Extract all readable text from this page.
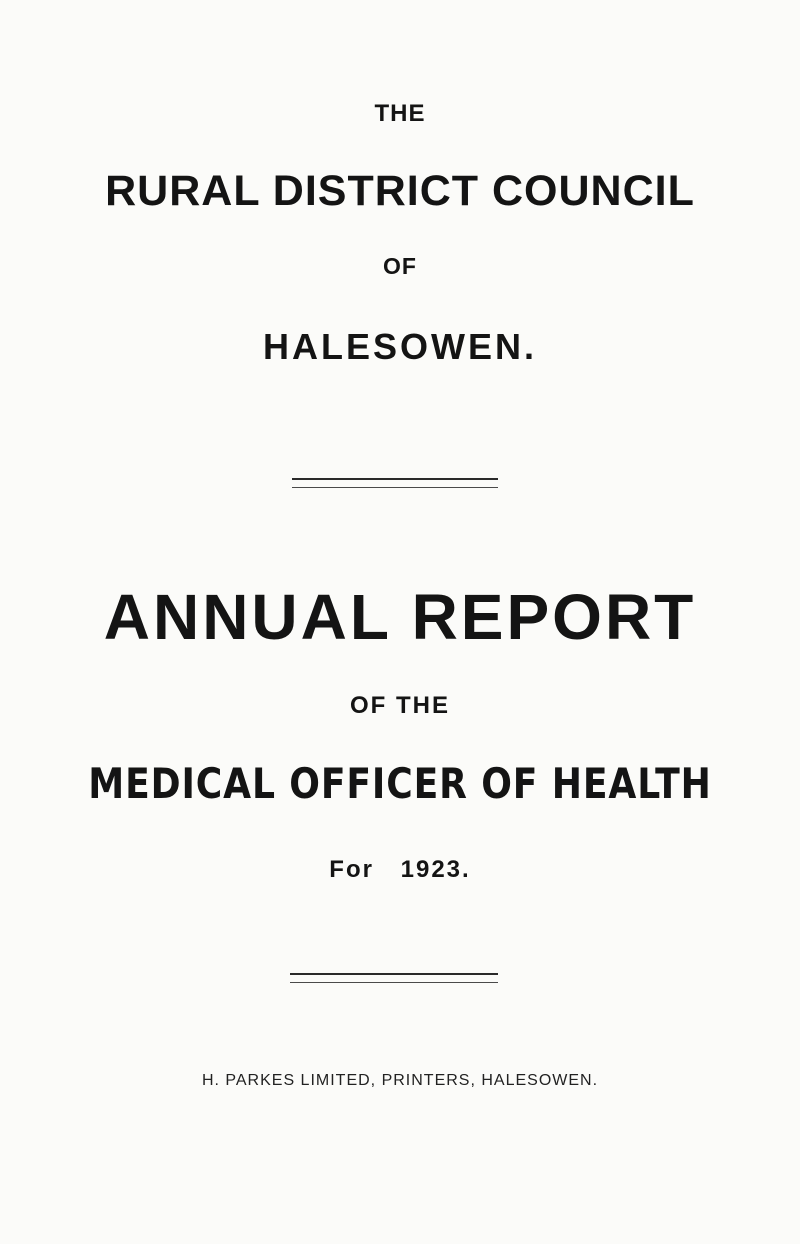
THE
RURAL DISTRICT COUNCIL
OF
HALESOWEN.
ANNUAL REPORT
OF THE
MEDICAL OFFICER OF HEALTH
For 1923.
H. PARKES LIMITED, PRINTERS, HALESOWEN.
